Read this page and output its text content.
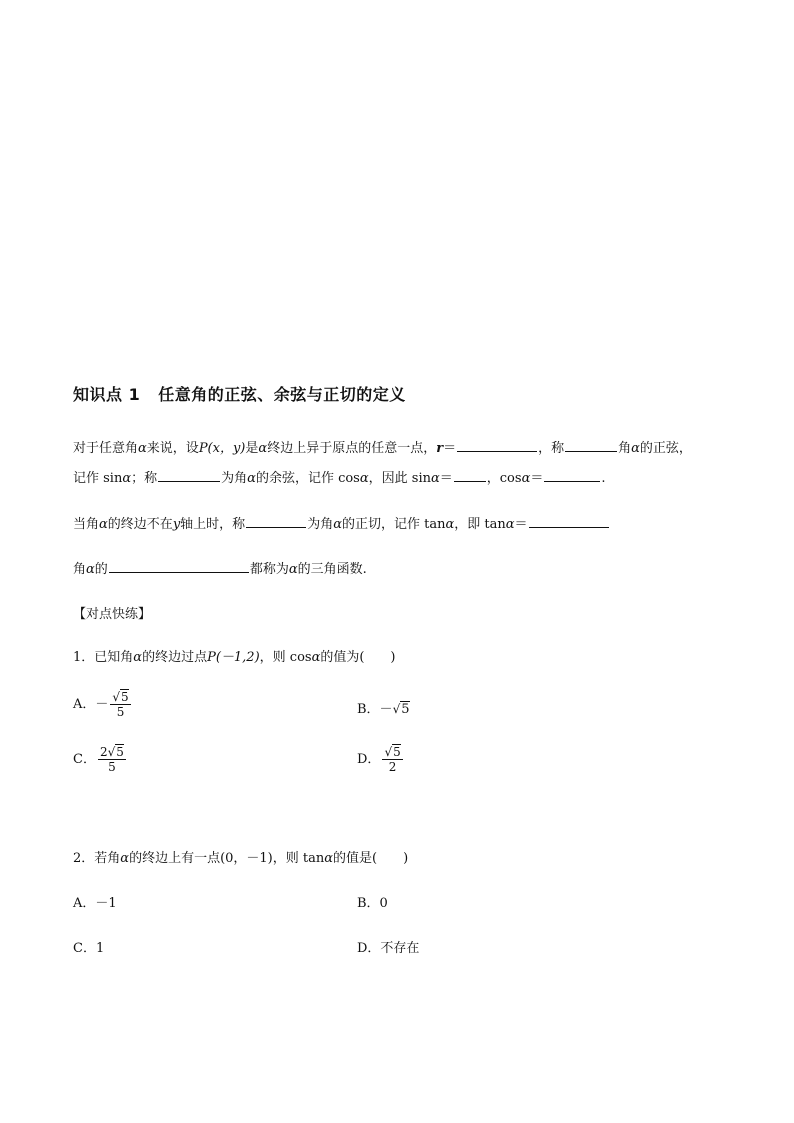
知识点 1 任意角的正弦、余弦与正切的定义
对于任意角α来说，设P(x，y)是α终边上异于原点的任意一点，r＝	，称	角α的正弦，
记作 sinα；称	为角α的余弦，记作 cosα，因此 sinα＝	，cosα＝	.
当角α的终边不在y轴上时，称	为角α的正切，记作 tanα，即 tanα＝
角α的	都称为α的三角函数.
【对点快练】
1．已知角α的终边过点P(－1,2)，则 cosα的值为(　　)
A．－ $\frac{√5}{5}$	B．－√5
C． $\frac{2√5}{5}$	D． $\frac{√5}{2}$
2．若角α的终边上有一点(0，－1)，则 tanα的值是(　　)
A．－1	B．0
C．1	D．不存在
